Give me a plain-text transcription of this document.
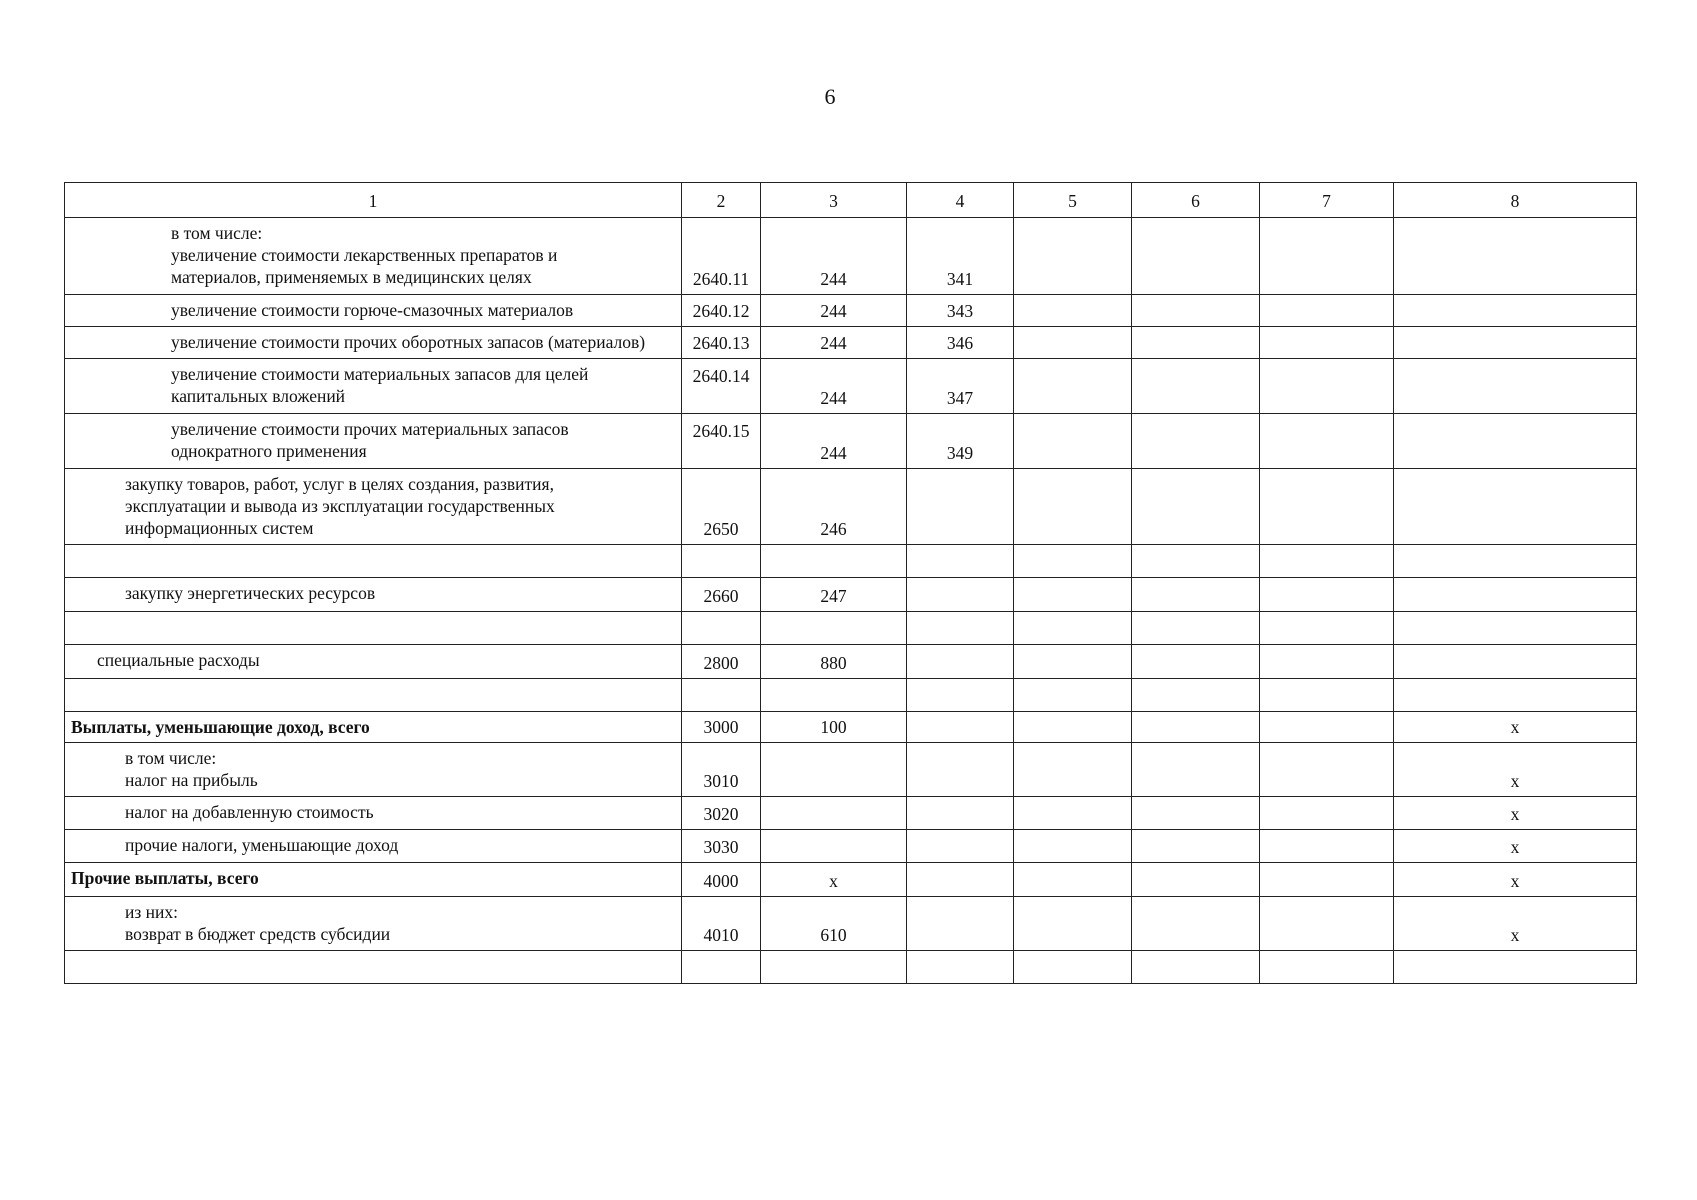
6
1	2	3	4	5	6	7	8

в том числе:
увеличение стоимости лекарственных препаратов и
материалов, применяемых в медицинских целях	2640.11	244	341				

увеличение стоимости горюче-смазочных материалов	2640.12	244	343				

увеличение стоимости прочих оборотных запасов (материалов)	2640.13	244	346				

увеличение стоимости материальных запасов для целей
капитальных вложений	2640.14	244	347				

увеличение стоимости прочих материальных запасов
однократного применения	2640.15	244	349				

закупку товаров, работ, услуг в целях создания, развития,
эксплуатации и вывода из эксплуатации государственных
информационных систем	2650	246					

закупку энергетических ресурсов	2660	247					

специальные расходы	2800	880					

Выплаты, уменьшающие доход, всего	3000	100					х

в том числе:
налог на прибыль	3010						х

налог на добавленную стоимость	3020						х

прочие налоги, уменьшающие доход	3030						х

Прочие выплаты, всего	4000	х					х

из них:
возврат в бюджет средств субсидии	4010	610					х
